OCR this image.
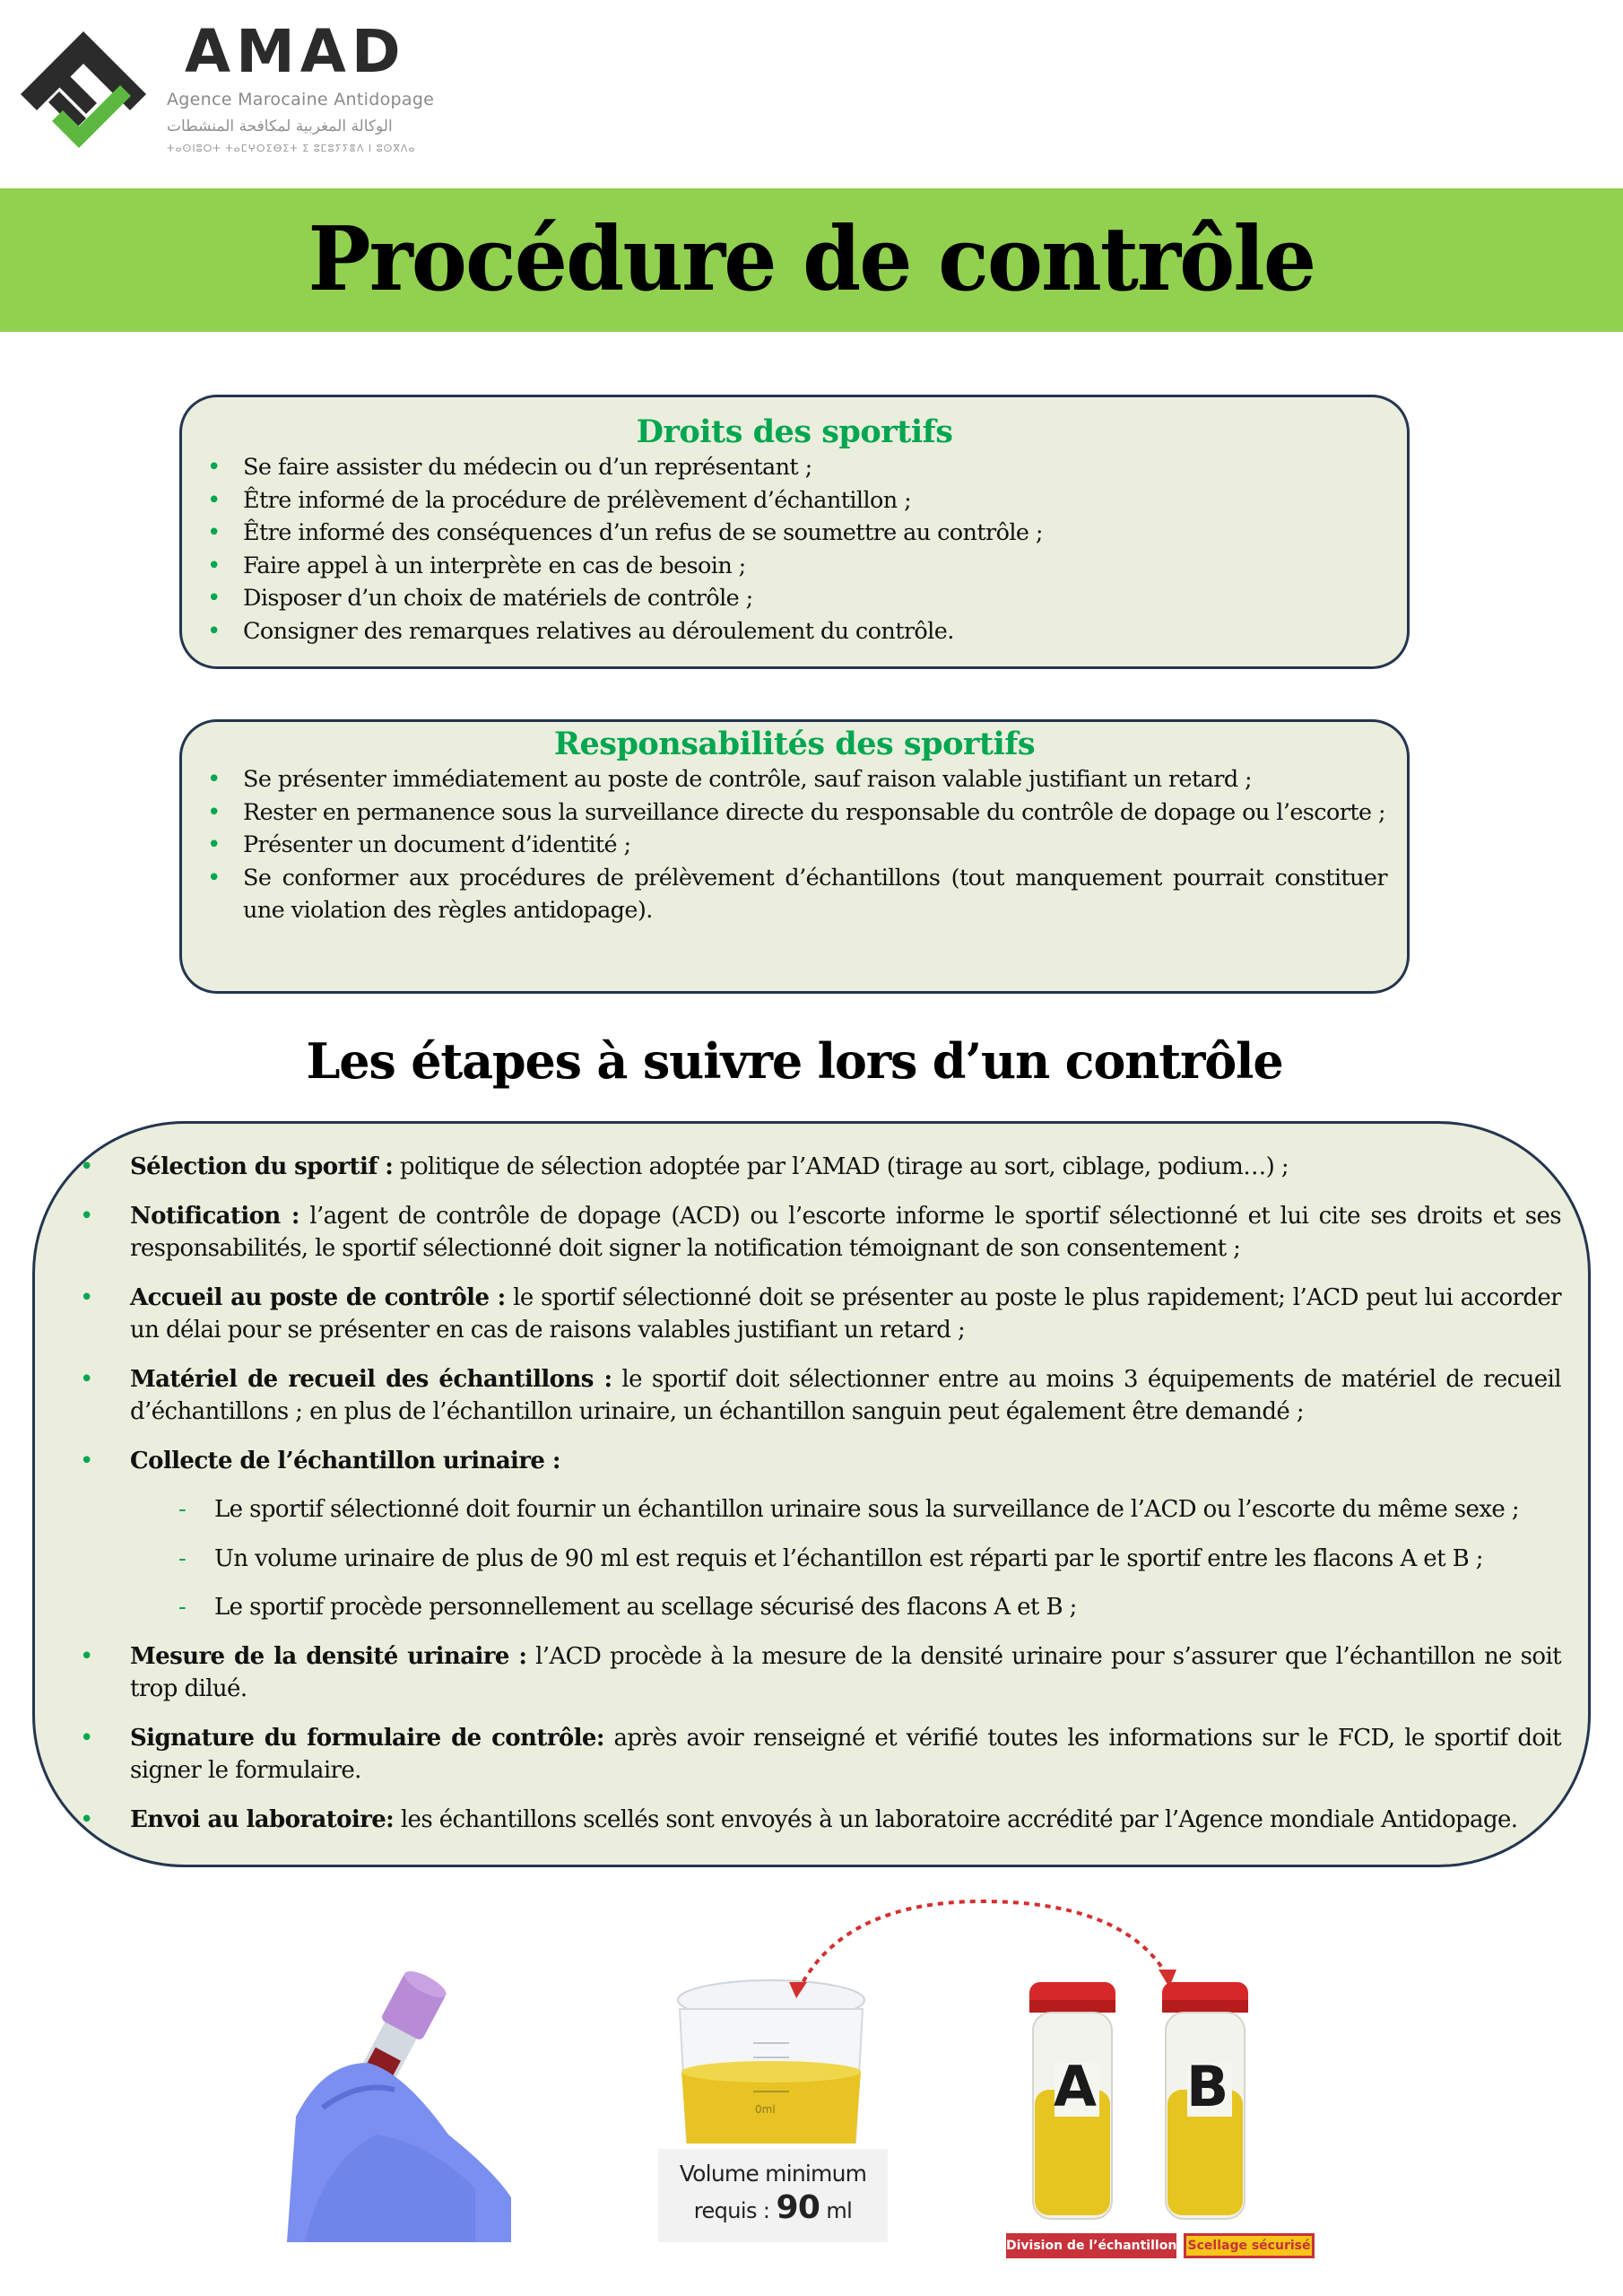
AMAD
Agence Marocaine Antidopage
الوكالة المغربية لمكافحة المنشطات
ⵜⴰⵙⵏⵓⵔⵜ ⵜⴰⵎⵖⵔⵉⴱⵉⵜ ⵉ ⵓⵎⵓⵢⵢⴻⴷ ⵏ ⵓⵙⴳⴷⴰ
Procédure de contrôle
Droits des sportifs
• Se faire assister du médecin ou d’un représentant ;
• Être informé de la procédure de prélèvement d’échantillon ;
• Être informé des conséquences d’un refus de se soumettre au contrôle ;
• Faire appel à un interprète en cas de besoin ;
• Disposer d’un choix de matériels de contrôle ;
• Consigner des remarques relatives au déroulement du contrôle.
Responsabilités des sportifs
• Se présenter immédiatement au poste de contrôle, sauf raison valable justifiant un retard ;
• Rester en permanence sous la surveillance directe du responsable du contrôle de dopage ou l’escorte ;
• Présenter un document d’identité ;
• Se conformer aux procédures de prélèvement d’échantillons (tout manquement pourrait constituer une violation des règles antidopage).
Les étapes à suivre lors d’un contrôle
• Sélection du sportif : politique de sélection adoptée par l’AMAD (tirage au sort, ciblage, podium…) ;
• Notification : l’agent de contrôle de dopage (ACD) ou l’escorte informe le sportif sélectionné et lui cite ses droits et ses responsabilités, le sportif sélectionné doit signer la notification témoignant de son consentement ;
• Accueil au poste de contrôle : le sportif sélectionné doit se présenter au poste le plus rapidement; l’ACD peut lui accorder un délai pour se présenter en cas de raisons valables justifiant un retard ;
• Matériel de recueil des échantillons : le sportif doit sélectionner entre au moins 3 équipements de matériel de recueil d’échantillons ; en plus de l’échantillon urinaire, un échantillon sanguin peut également être demandé ;
• Collecte de l’échantillon urinaire :
- Le sportif sélectionné doit fournir un échantillon urinaire sous la surveillance de l’ACD ou l’escorte du même sexe ;
- Un volume urinaire de plus de 90 ml est requis et l’échantillon est réparti par le sportif entre les flacons A et B ;
- Le sportif procède personnellement au scellage sécurisé des flacons A et B ;
• Mesure de la densité urinaire : l’ACD procède à la mesure de la densité urinaire pour s’assurer que l’échantillon ne soit trop dilué.
• Signature du formulaire de contrôle: après avoir renseigné et vérifié toutes les informations sur le FCD, le sportif doit signer le formulaire.
• Envoi au laboratoire: les échantillons scellés sont envoyés à un laboratoire accrédité par l’Agence mondiale Antidopage.
0ml
Volume minimum
requis : 90 ml
A B
Division de l’échantillon Scellage sécurisé
